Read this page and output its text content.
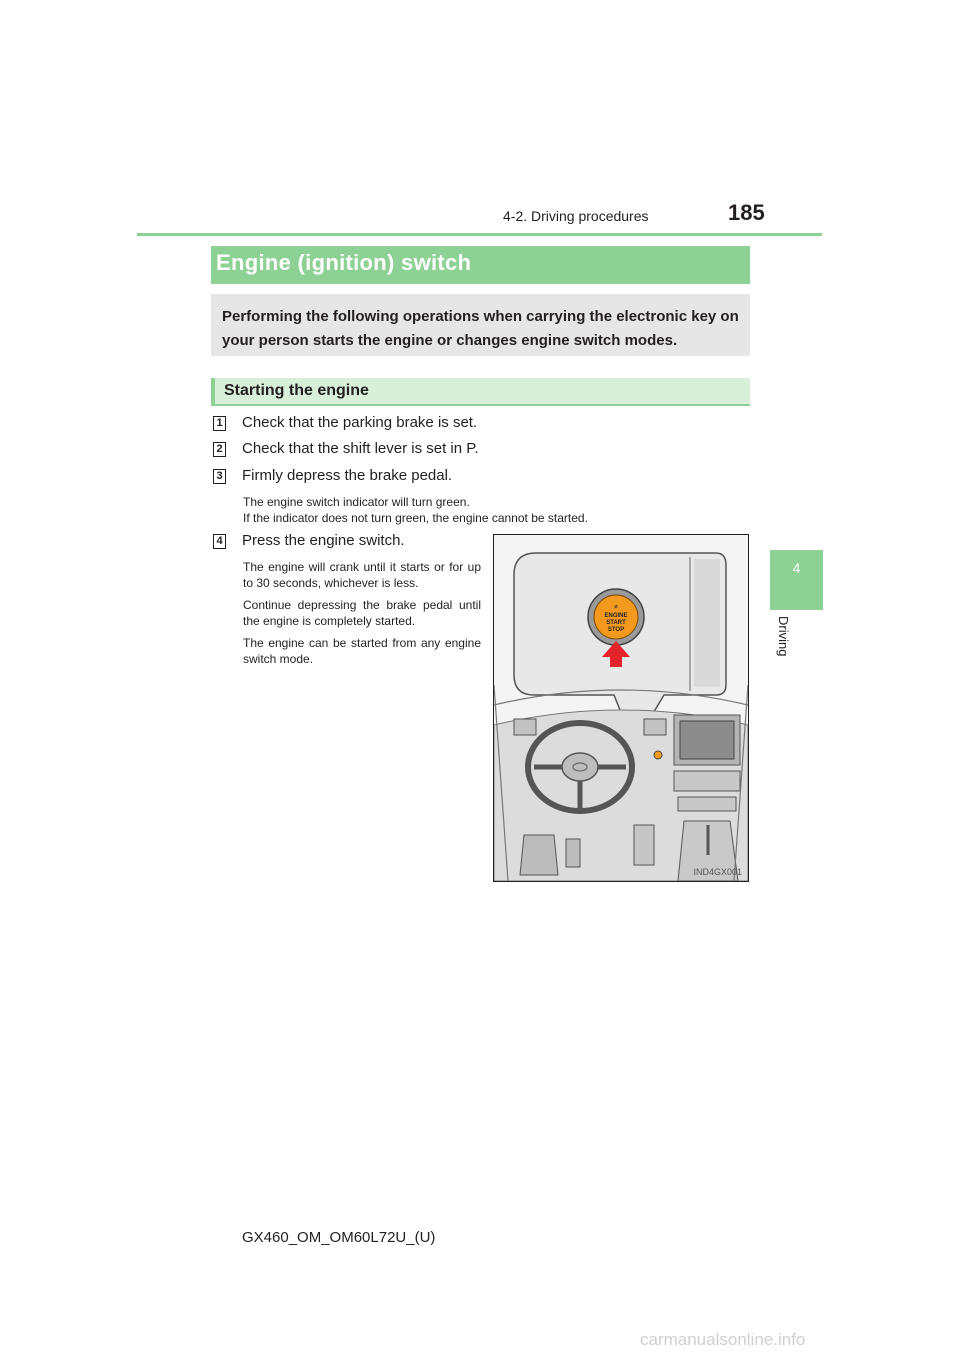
4-2. Driving procedures	185
4
Driving
Engine (ignition) switch
Performing the following operations when carrying the electronic key on your person starts the engine or changes engine switch modes.
Starting the engine
1 Check that the parking brake is set.
2 Check that the shift lever is set in P.
3 Firmly depress the brake pedal.
The engine switch indicator will turn green.
If the indicator does not turn green, the engine cannot be started.
4 Press the engine switch.

The engine will crank until it starts or for up to 30 seconds, whichever is less.

Continue depressing the brake pedal until the engine is completely started.

The engine can be started from any engine switch mode.

⌀
ENGINE
START
STOP
IND4GX001
GX460_OM_OM60L72U_(U)
carmanualsonline.info
